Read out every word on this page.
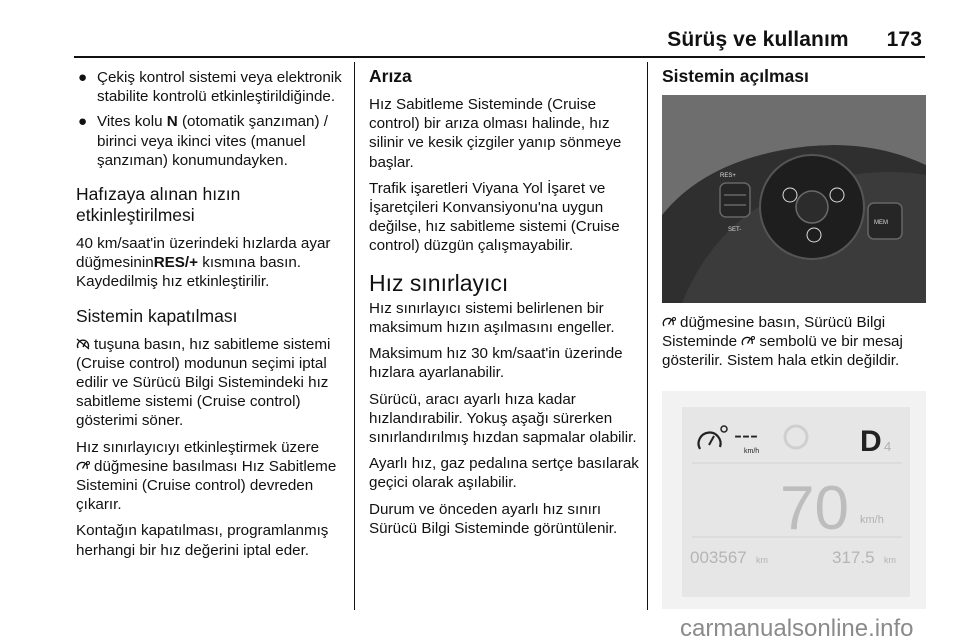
Sürüş ve kullanım 173
● Çekiş kontrol sistemi veya elektronik stabilite kontrolü etkinleştirildiğinde.
● Vites kolu N (otomatik şanzıman) / birinci veya ikinci vites (manuel şanzıman) konumundayken.
Hafızaya alınan hızın etkinleştirilmesi

40 km/saat'in üzerindeki hızlarda ayar düğmesininRES/+ kısmına basın. Kaydedilmiş hız etkinleştirilir.

Sistemin kapatılması

tuşuna basın, hız sabitleme sistemi (Cruise control) modunun seçimi iptal edilir ve Sürücü Bilgi Sistemindeki hız sabitleme sistemi (Cruise control) gösterimi söner.

Hız sınırlayıcıyı etkinleştirmek üzere

düğmesine basılması Hız Sabitleme Sistemini (Cruise control) devreden çıkarır.

Kontağın kapatılması, programlanmış herhangi bir hız değerini iptal eder.

Arıza

Hız Sabitleme Sisteminde (Cruise control) bir arıza olması halinde, hız silinir ve kesik çizgiler yanıp sönmeye başlar.

Trafik işaretleri Viyana Yol İşaret ve İşaretçileri Konvansiyonu'na uygun değilse, hız sabitleme sistemi (Cruise control) düzgün çalışmayabilir.

Hız sınırlayıcı

Hız sınırlayıcı sistemi belirlenen bir maksimum hızın aşılmasını engeller.

Maksimum hız 30 km/saat'in üzerinde hızlara ayarlanabilir.

Sürücü, aracı ayarlı hıza kadar hızlandırabilir. Yokuş aşağı sürerken sınırlandırılmış hızdan sapmalar olabilir.

Ayarlı hız, gaz pedalına sertçe basılarak geçici olarak aşılabilir.

Durum ve önceden ayarlı hız sınırı Sürücü Bilgi Sisteminde görüntülenir.

Sistemin açılması
RES+
SET-
MEM

düğmesine basın, Sürücü Bilgi Sisteminde sembolü ve bir mesaj gösterilir. Sistem hala etkin değildir.

---
km/h	D 4
70 km/h
003567 km	317.5 km
carmanualsonline.info
